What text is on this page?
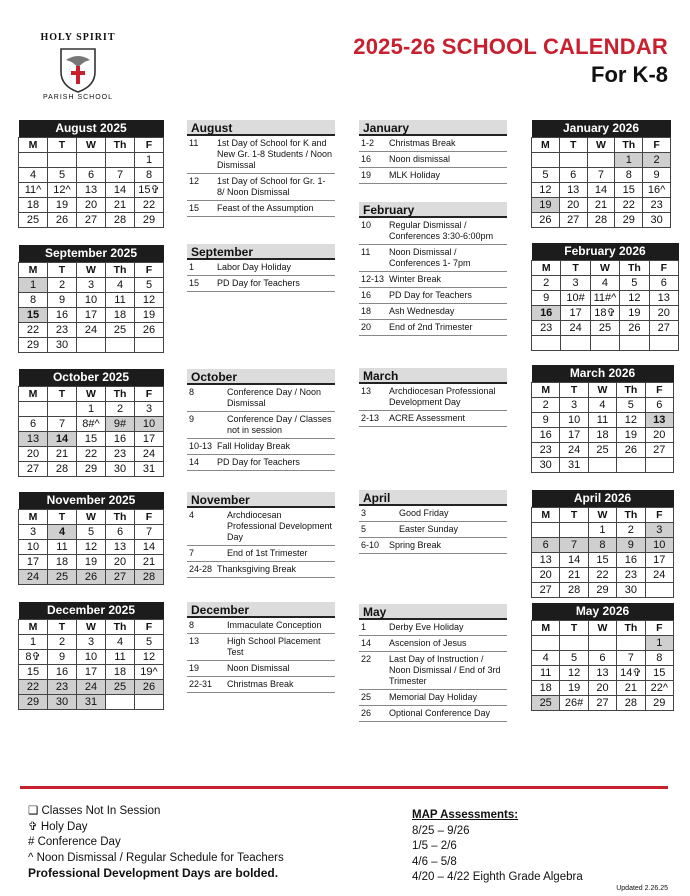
HOLY SPIRIT
PARISH SCHOOL
2025-26 SCHOOL CALENDAR
For K-8
August 2025				
M	T	W	Th	F
				1
4	5	6	7	8
11^	12^	13	14	15✞
18	19	20	21	22
25	26	27	28	29
September 2025				
M	T	W	Th	F
1	2	3	4	5
8	9	10	11	12
15	16	17	18	19
22	23	24	25	26
29	30			
October 2025				
M	T	W	Th	F
		1	2	3
6	7	8#^	9#	10
13	14	15	16	17
20	21	22	23	24
27	28	29	30	31
November 2025				
M	T	W	Th	F
3	4	5	6	7
10	11	12	13	14
17	18	19	20	21
24	25	26	27	28
December 2025				
M	T	W	Th	F
1	2	3	4	5
8✞	9	10	11	12
15	16	17	18	19^
22	23	24	25	26
29	30	31		
January 2026				
M	T	W	Th	F
			1	2
5	6	7	8	9
12	13	14	15	16^
19	20	21	22	23
26	27	28	29	30
February 2026				
M	T	W	Th	F
2	3	4	5	6
9	10#	11#^	12	13
16	17	18✞	19	20
23	24	25	26	27

March 2026				
M	T	W	Th	F
2	3	4	5	6
9	10	11	12	13
16	17	18	19	20
23	24	25	26	27
30	31			
April 2026				
M	T	W	Th	F
		1	2	3
6	7	8	9	10
13	14	15	16	17
20	21	22	23	24
27	28	29	30	
May 2026				
M	T	W	Th	F
				1
4	5	6	7	8
11	12	13	14✞	15
18	19	20	21	22^
25	26#	27	28	29
August
11	1st Day of School for K and New Gr. 1-8 Students / Noon Dismissal
12	1st Day of School for Gr. 1-8/ Noon Dismissal
15	Feast of the Assumption
September
1	Labor Day Holiday
15	PD Day for Teachers
October
8	Conference Day / Noon Dismissal
9	Conference Day / Classes not in session
10-13 Fall Holiday Break
14	PD Day for Teachers
November
4	Archdiocesan Professional Development Day
7	End of 1st Trimester
24-28 Thanksgiving Break
December
8	Immaculate Conception
13	High School Placement Test
19	Noon Dismissal
22-31	Christmas Break
January
1-2	Christmas Break
16	Noon dismissal
19	MLK Holiday
February
10	Regular Dismissal / Conferences 3:30-6:00pm
11	Noon Dismissal / Conferences 1- 7pm
12-13 Winter Break
16	PD Day for Teachers
18	Ash Wednesday
20	End of 2nd Trimester
March
13	Archdiocesan Professional Development Day
2-13	ACRE Assessment
April
3	Good Friday
5	Easter Sunday
6-10	Spring Break
May
1	Derby Eve Holiday
14	Ascension of Jesus
22	Last Day of Instruction / Noon Dismissal / End of 3rd Trimester
25	Memorial Day Holiday
26	Optional Conference Day
❑ Classes Not In Session
✞ Holy Day
# Conference Day
^ Noon Dismissal / Regular Schedule for Teachers
Professional Development Days are bolded.
MAP Assessments:
8/25 – 9/26
1/5 – 2/6
4/6 – 5/8
4/20 – 4/22 Eighth Grade Algebra
Updated 2.26.25
